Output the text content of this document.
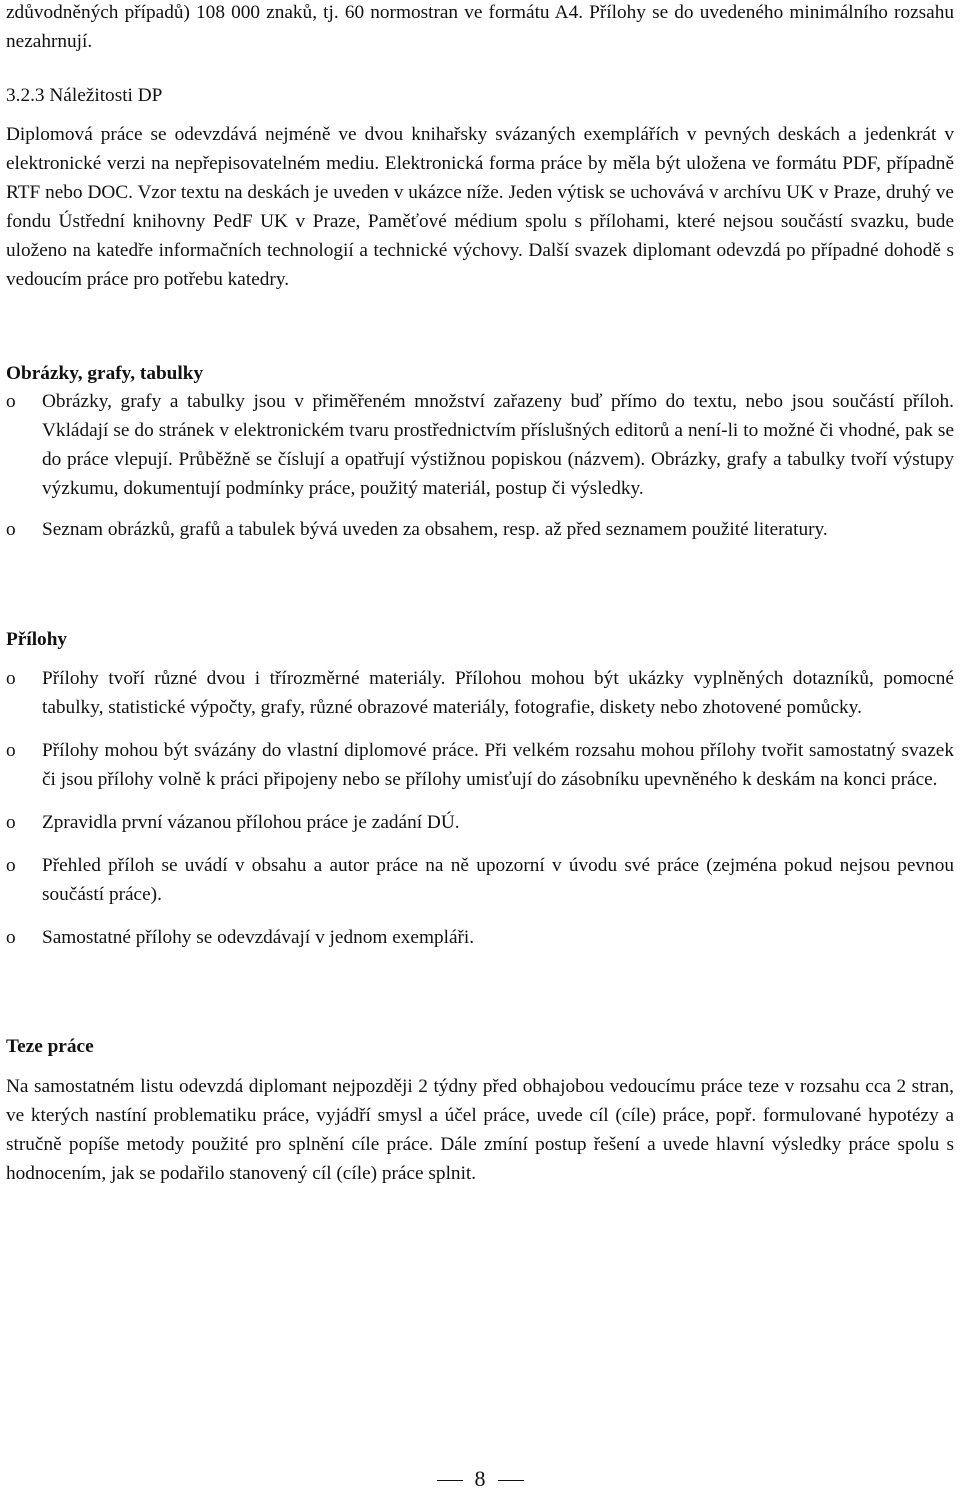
zdůvodněných případů) 108 000 znaků, tj. 60 normostran ve formátu A4. Přílohy se do uvedeného minimálního rozsahu nezahrnují.

3.2.3 Náležitosti DP

Diplomová práce se odevzdává nejméně ve dvou knihařsky svázaných exemplářích v pevných deskách a jedenkrát v elektronické verzi na nepřepisovatelném mediu. Elektronická forma práce by měla být uložena ve formátu PDF, případně RTF nebo DOC. Vzor textu na deskách je uveden v ukázce níže. Jeden výtisk se uchovává v archívu UK v Praze, druhý ve fondu Ústřední knihovny PedF UK v Praze, Paměťové médium spolu s přílohami, které nejsou součástí svazku, bude uloženo na katedře informačních technologií a technické výchovy. Další svazek diplomant odevzdá po případné dohodě s vedoucím práce pro potřebu katedry.

Obrázky, grafy, tabulky

o Obrázky, grafy a tabulky jsou v přiměřeném množství zařazeny buď přímo do textu, nebo jsou součástí příloh. Vkládají se do stránek v elektronickém tvaru prostřednictvím příslušných editorů a není-li to možné či vhodné, pak se do práce vlepují. Průběžně se číslují a opatřují výstižnou popiskou (názvem). Obrázky, grafy a tabulky tvoří výstupy výzkumu, dokumentují podmínky práce, použitý materiál, postup či výsledky.
o Seznam obrázků, grafů a tabulek bývá uveden za obsahem, resp. až před seznamem použité literatury.

Přílohy

o Přílohy tvoří různé dvou i třírozměrné materiály. Přílohou mohou být ukázky vyplněných dotazníků, pomocné tabulky, statistické výpočty, grafy, různé obrazové materiály, fotografie, diskety nebo zhotovené pomůcky.
o Přílohy mohou být svázány do vlastní diplomové práce. Při velkém rozsahu mohou přílohy tvořit samostatný svazek či jsou přílohy volně k práci připojeny nebo se přílohy umisťují do zásobníku upevněného k deskám na konci práce.
o Zpravidla první vázanou přílohou práce je zadání DÚ.
o Přehled příloh se uvádí v obsahu a autor práce na ně upozorní v úvodu své práce (zejména pokud nejsou pevnou součástí práce).
o Samostatné přílohy se odevzdávají v jednom exempláři.

Teze práce

Na samostatném listu odevzdá diplomant nejpozději 2 týdny před obhajobou vedoucímu práce teze v rozsahu cca 2 stran, ve kterých nastíní problematiku práce, vyjádří smysl a účel práce, uvede cíl (cíle) práce, popř. formulované hypotézy a stručně popíše metody použité pro splnění cíle práce. Dále zmíní postup řešení a uvede hlavní výsledky práce spolu s hodnocením, jak se podařilo stanovený cíl (cíle) práce splnit.

8
